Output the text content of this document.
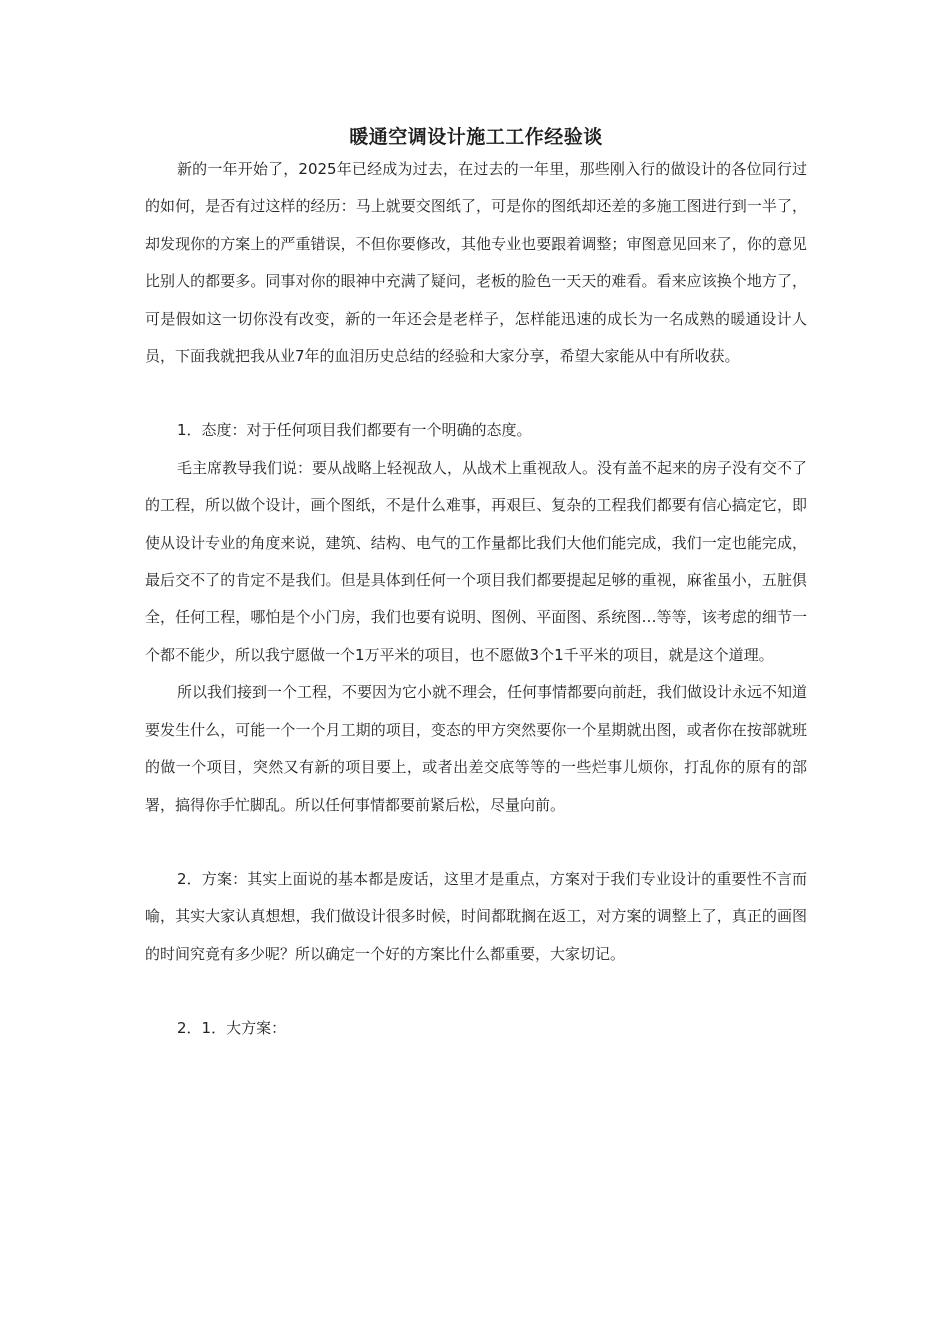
暖通空调设计施工工作经验谈

新的一年开始了，2025年已经成为过去，在过去的一年里，那些刚入行的做设计的各位同行过的如何，是否有过这样的经历：马上就要交图纸了，可是你的图纸却还差的多施工图进行到一半了，却发现你的方案上的严重错误，不但你要修改，其他专业也要跟着调整；审图意见回来了，你的意见比别人的都要多。同事对你的眼神中充满了疑问，老板的脸色一天天的难看。看来应该换个地方了，可是假如这一切你没有改变，新的一年还会是老样子，怎样能迅速的成长为一名成熟的暖通设计人员，下面我就把我从业7年的血泪历史总结的经验和大家分享，希望大家能从中有所收获。

1．态度：对于任何项目我们都要有一个明确的态度。

毛主席教导我们说：要从战略上轻视敌人，从战术上重视敌人。没有盖不起来的房子没有交不了的工程，所以做个设计，画个图纸，不是什么难事，再艰巨、复杂的工程我们都要有信心搞定它，即使从设计专业的角度来说，建筑、结构、电气的工作量都比我们大他们能完成，我们一定也能完成，最后交不了的肯定不是我们。但是具体到任何一个项目我们都要提起足够的重视，麻雀虽小，五脏俱全，任何工程，哪怕是个小门房，我们也要有说明、图例、平面图、系统图…等等，该考虑的细节一个都不能少，所以我宁愿做一个1万平米的项目，也不愿做3个1千平米的项目，就是这个道理。

所以我们接到一个工程，不要因为它小就不理会，任何事情都要向前赶，我们做设计永远不知道要发生什么，可能一个一个月工期的项目，变态的甲方突然要你一个星期就出图，或者你在按部就班的做一个项目，突然又有新的项目要上，或者出差交底等等的一些烂事儿烦你，打乱你的原有的部署，搞得你手忙脚乱。所以任何事情都要前紧后松，尽量向前。

2．方案：其实上面说的基本都是废话，这里才是重点，方案对于我们专业设计的重要性不言而喻，其实大家认真想想，我们做设计很多时候，时间都耽搁在返工，对方案的调整上了，真正的画图的时间究竟有多少呢？所以确定一个好的方案比什么都重要，大家切记。

2．1．大方案：
